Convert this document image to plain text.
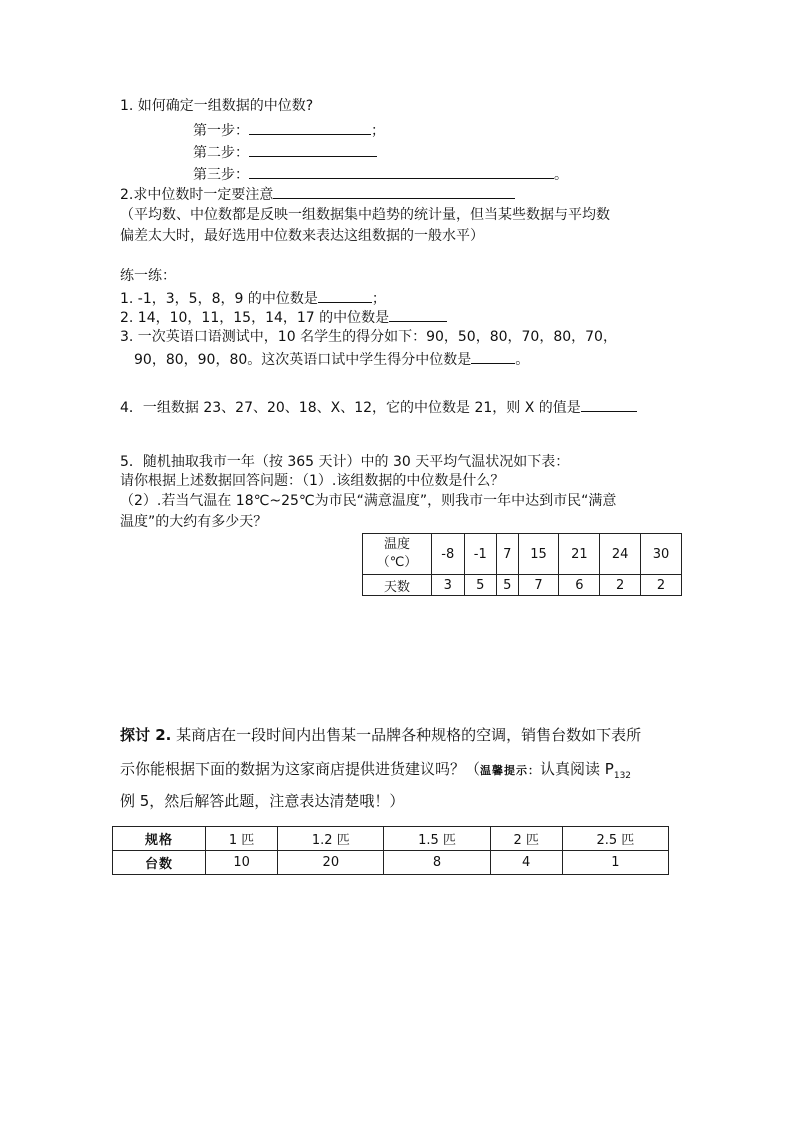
1. 如何确定一组数据的中位数?
第一步：	；
第二步：
第三步：	。
2.求中位数时一定要注意
（平均数、中位数都是反映一组数据集中趋势的统计量，但当某些数据与平均数
偏差太大时，最好选用中位数来表达这组数据的一般水平）
练一练：
1. -1，3，5，8，9 的中位数是	；
2. 14，10，11，15，14，17 的中位数是
3. 一次英语口语测试中，10 名学生的得分如下：90，50，80，70，80，70，
90，80，90，80。这次英语口试中学生得分中位数是	。
4．一组数据 23、27、20、18、X、12，它的中位数是 21，则 X 的值是
5．随机抽取我市一年（按 365 天计）中的 30 天平均气温状况如下表：
请你根据上述数据回答问题：（1）.该组数据的中位数是什么？
（2）.若当气温在 18℃~25℃为市民“满意温度”，则我市一年中达到市民“满意
温度”的大约有多少天？
温度
（℃）	-8	-1	7	15	21	24	30
天数	3	5	5	7	6	2	2
探讨 2. 某商店在一段时间内出售某一品牌各种规格的空调，销售台数如下表所
示你能根据下面的数据为这家商店提供进货建议吗？（温馨提示：认真阅读 $P_{132}$
例 5，然后解答此题，注意表达清楚哦！）
规格	1 匹	1.2 匹	1.5 匹	2 匹	2.5 匹
台数	10	20	8	4	1
